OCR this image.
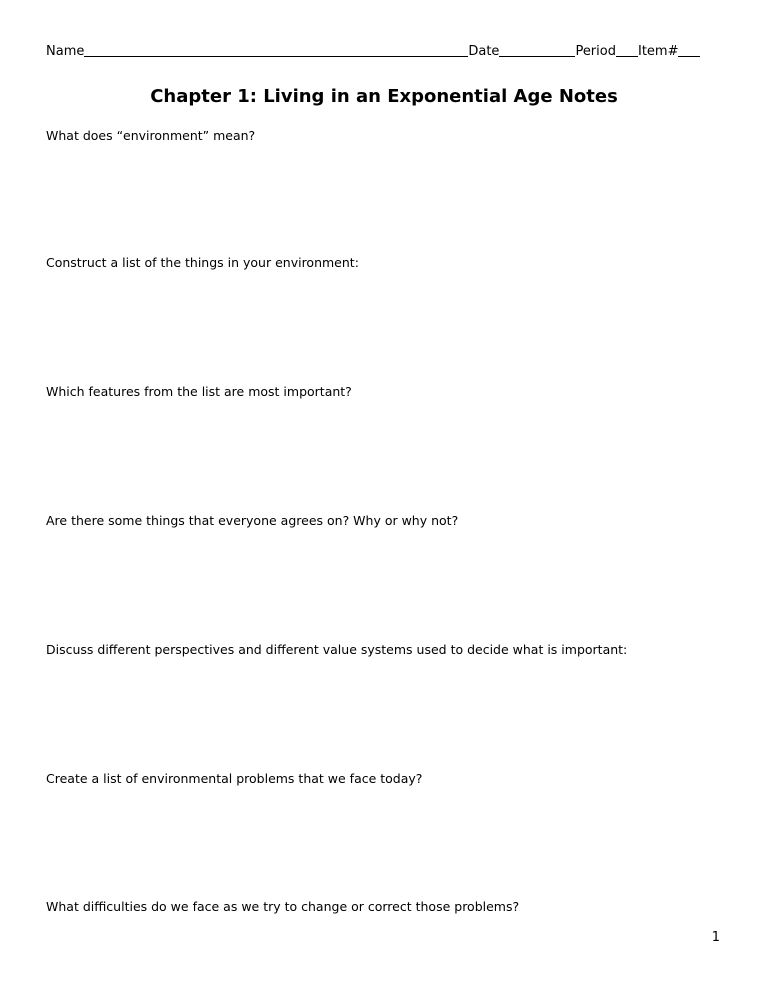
Name	Date	Period Item#
Chapter 1: Living in an Exponential Age Notes
What does “environment” mean?
Construct a list of the things in your environment:
Which features from the list are most important?
Are there some things that everyone agrees on? Why or why not?
Discuss different perspectives and different value systems used to decide what is important:
Create a list of environmental problems that we face today?
What difficulties do we face as we try to change or correct those problems?
1
